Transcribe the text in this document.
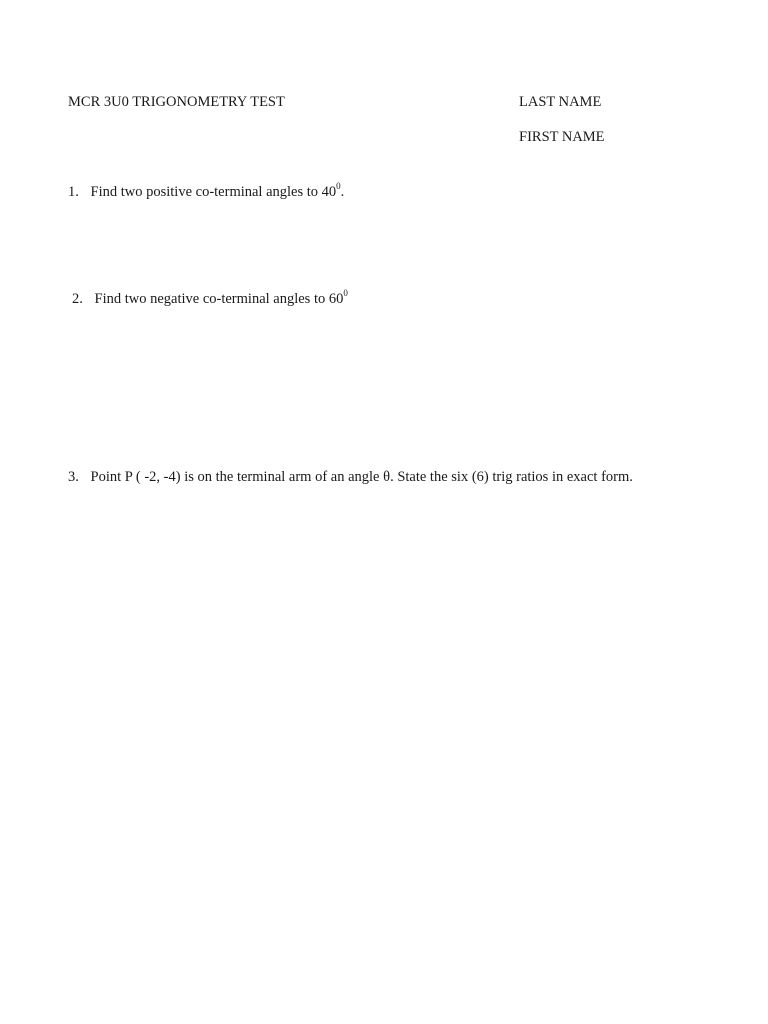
MCR 3U0 TRIGONOMETRY TEST	LAST NAME
FIRST NAME
1. Find two positive co-terminal angles to $40^0$.
2. Find two negative co-terminal angles to $60^0$
3. Point P ( -2, -4) is on the terminal arm of an angle θ. State the six (6) trig ratios in exact form.
